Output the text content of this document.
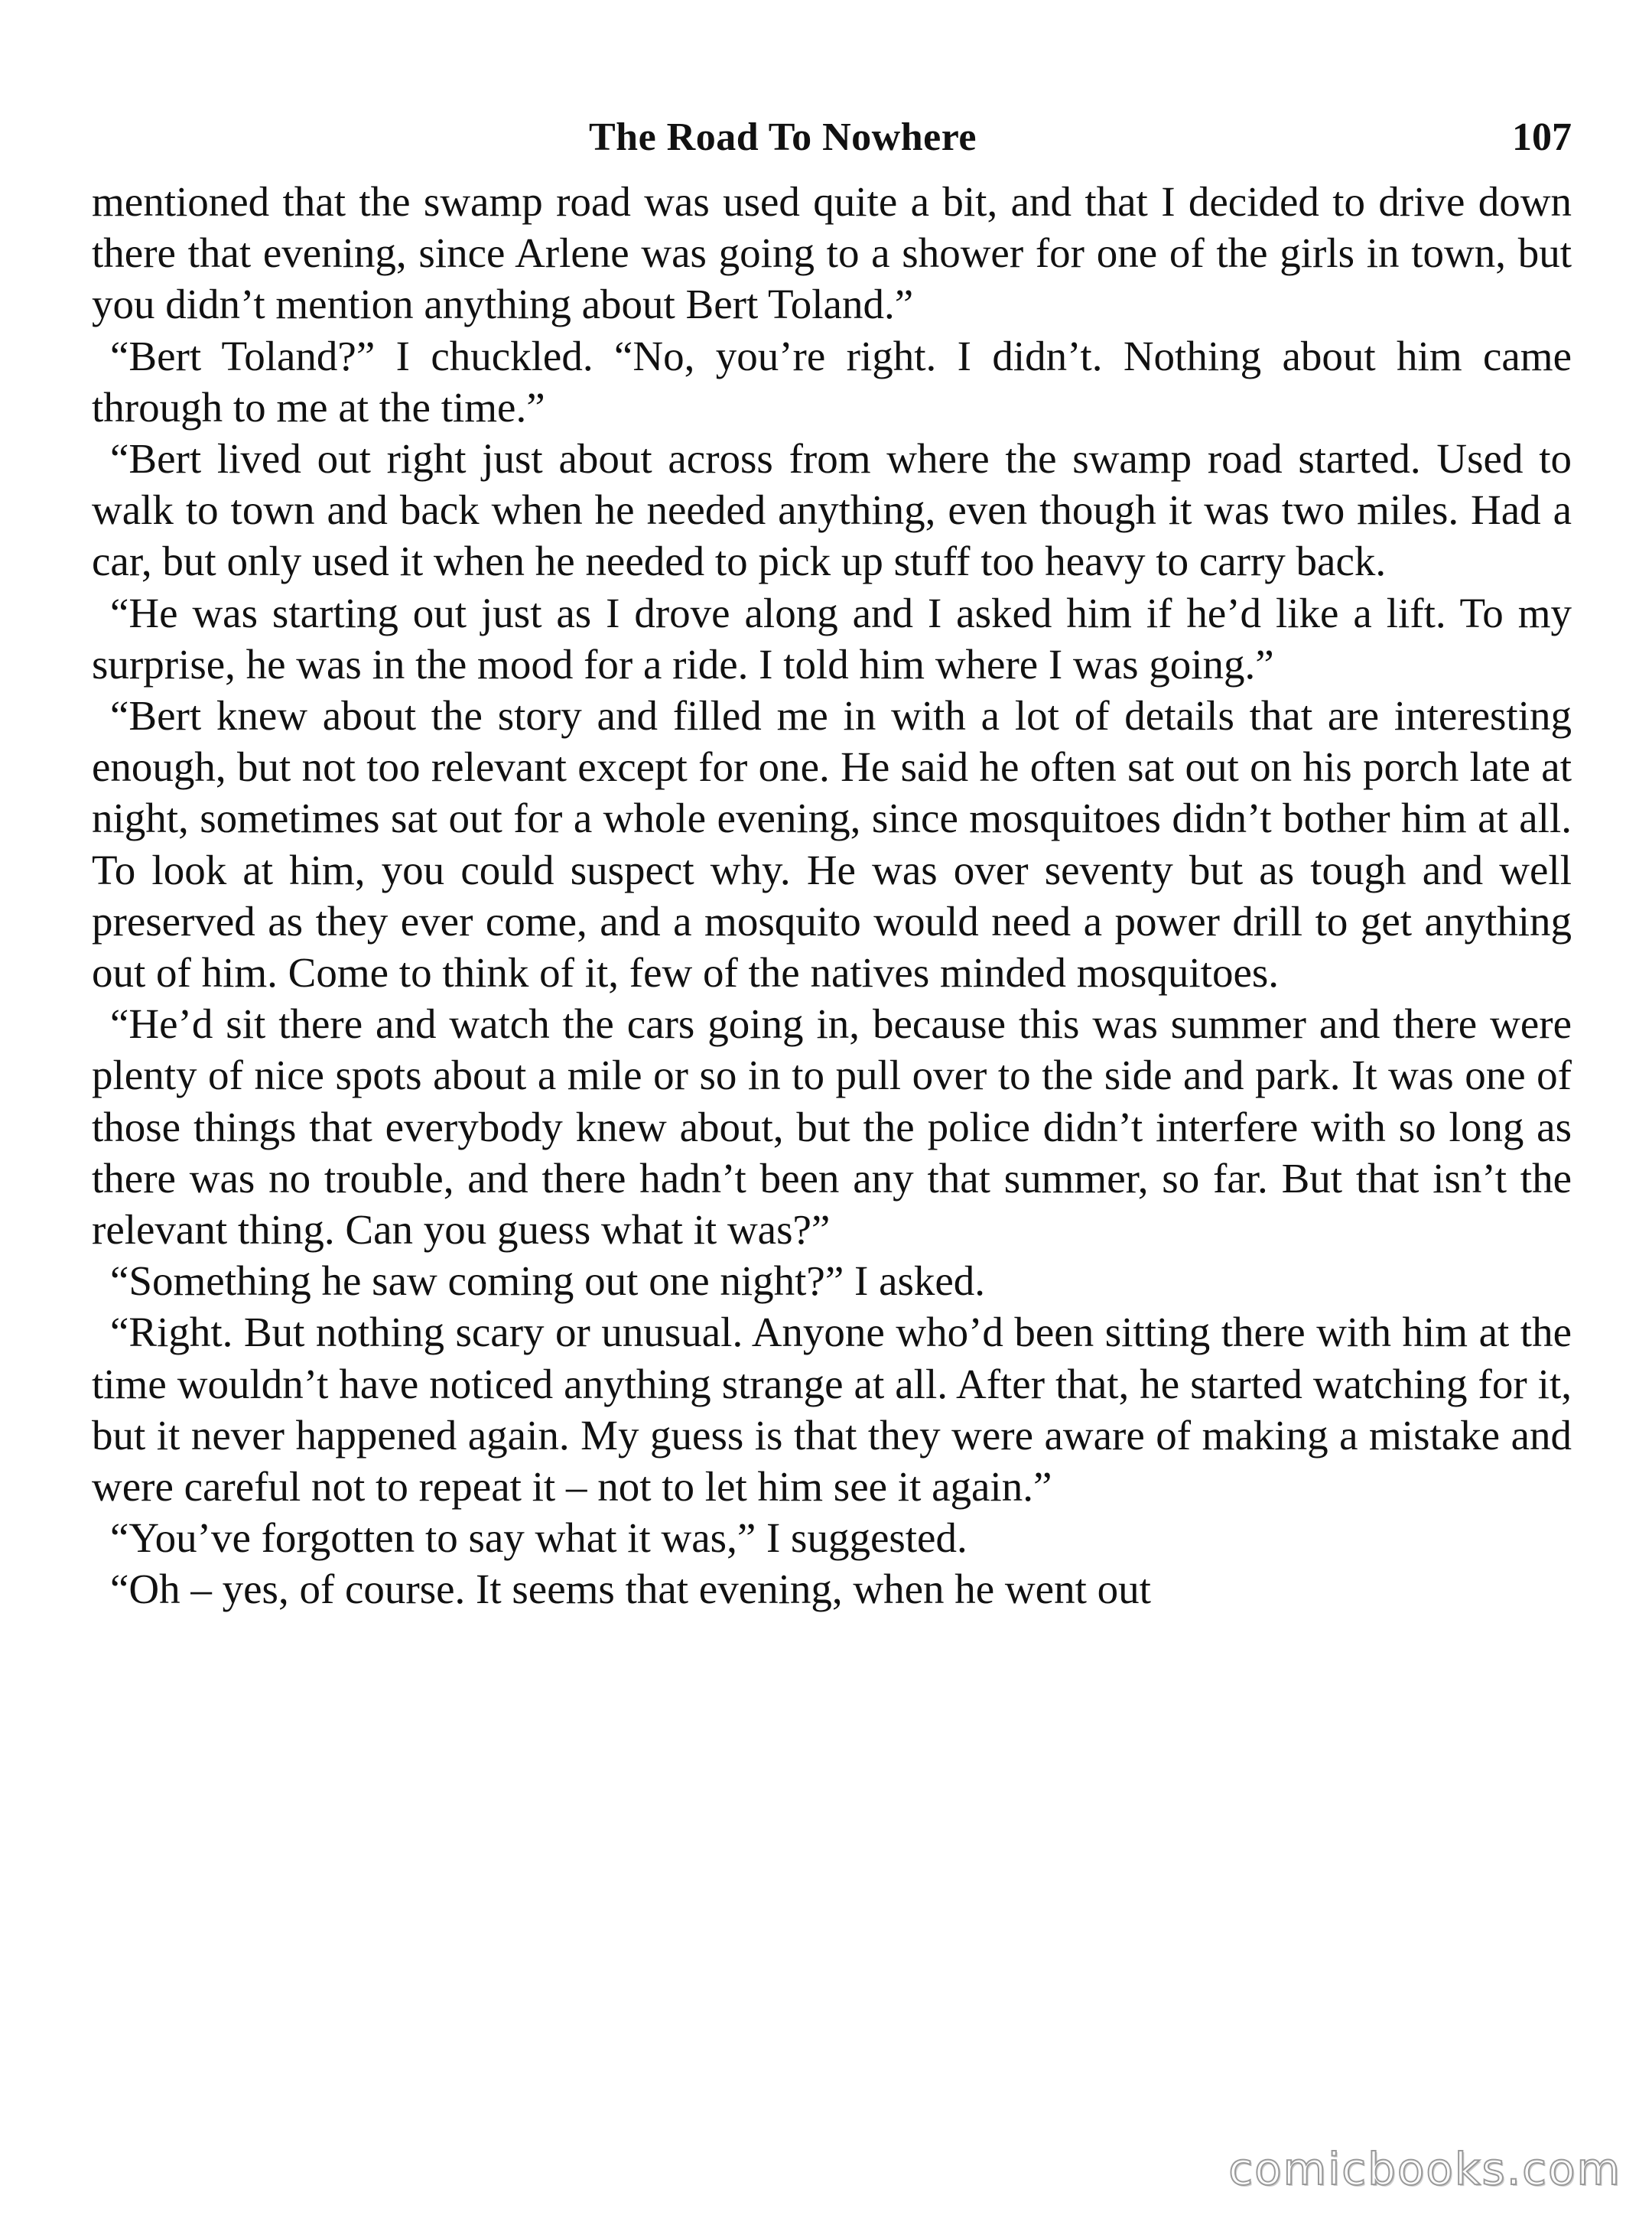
The Road To Nowhere	107

mentioned that the swamp road was used quite a bit, and that I decided to drive down there that evening, since Arlene was going to a shower for one of the girls in town, but you didn’t mention anything about Bert Toland.”

“Bert Toland?” I chuckled. “No, you’re right. I didn’t. Nothing about him came through to me at the time.”

“Bert lived out right just about across from where the swamp road started. Used to walk to town and back when he needed anything, even though it was two miles. Had a car, but only used it when he needed to pick up stuff too heavy to carry back.

“He was starting out just as I drove along and I asked him if he’d like a lift. To my surprise, he was in the mood for a ride. I told him where I was going.”

“Bert knew about the story and filled me in with a lot of details that are interesting enough, but not too relevant except for one. He said he often sat out on his porch late at night, sometimes sat out for a whole evening, since mosquitoes didn’t bother him at all. To look at him, you could suspect why. He was over seventy but as tough and well preserved as they ever come, and a mosquito would need a power drill to get anything out of him. Come to think of it, few of the natives minded mosquitoes.

“He’d sit there and watch the cars going in, because this was summer and there were plenty of nice spots about a mile or so in to pull over to the side and park. It was one of those things that everybody knew about, but the police didn’t interfere with so long as there was no trouble, and there hadn’t been any that summer, so far. But that isn’t the relevant thing. Can you guess what it was?”

“Something he saw coming out one night?” I asked.

“Right. But nothing scary or unusual. Anyone who’d been sitting there with him at the time wouldn’t have noticed anything strange at all. After that, he started watching for it, but it never happened again. My guess is that they were aware of making a mistake and were careful not to repeat it – not to let him see it again.”

“You’ve forgotten to say what it was,” I suggested.

“Oh – yes, of course. It seems that evening, when he went out

comicbooks.com
